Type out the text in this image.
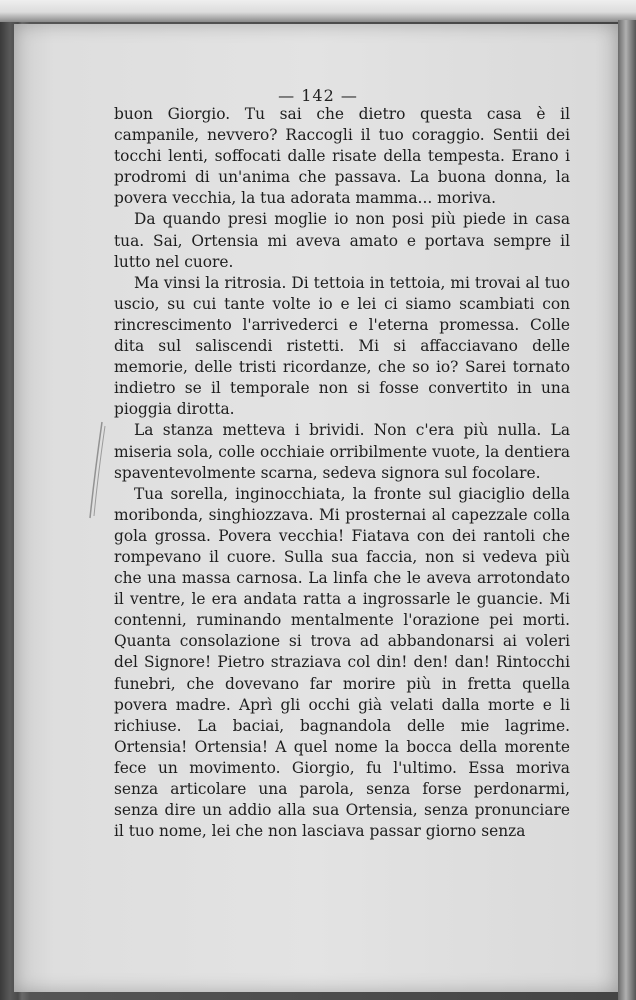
— 142 —

buon Giorgio. Tu sai che dietro questa casa è il campanile, nevvero? Raccogli il tuo coraggio. Sentii dei tocchi lenti, soffocati dalle risate della tempesta. Erano i prodromi di un'anima che passava. La buona donna, la povera vecchia, la tua adorata mamma... moriva.

Da quando presi moglie io non posi più piede in casa tua. Sai, Ortensia mi aveva amato e portava sempre il lutto nel cuore.

Ma vinsi la ritrosia. Di tettoia in tettoia, mi trovai al tuo uscio, su cui tante volte io e lei ci siamo scambiati con rincrescimento l'arrivederci e l'eterna promessa. Colle dita sul saliscendi ristetti. Mi si affacciavano delle memorie, delle tristi ricordanze, che so io? Sarei tornato indietro se il temporale non si fosse convertito in una pioggia dirotta.

La stanza metteva i brividi. Non c'era più nulla. La miseria sola, colle occhiaie orribilmente vuote, la dentiera spaventevolmente scarna, sedeva signora sul focolare.

Tua sorella, inginocchiata, la fronte sul giaciglio della moribonda, singhiozzava. Mi prosternai al capezzale colla gola grossa. Povera vecchia! Fiatava con dei rantoli che rompevano il cuore. Sulla sua faccia, non si vedeva più che una massa carnosa. La linfa che le aveva arrotondato il ventre, le era andata ratta a ingrossarle le guancie. Mi contenni, ruminando mentalmente l'orazione pei morti. Quanta consolazione si trova ad abbandonarsi ai voleri del Signore! Pietro straziava col din! den! dan! Rintocchi funebri, che dovevano far morire più in fretta quella povera madre. Aprì gli occhi già velati dalla morte e li richiuse. La baciai, bagnandola delle mie lagrime. Ortensia! Ortensia! A quel nome la bocca della morente fece un movimento. Giorgio, fu l'ultimo. Essa moriva senza articolare una parola, senza forse perdonarmi, senza dire un addio alla sua Ortensia, senza pronunciare il tuo nome, lei che non lasciava passar giorno senza
